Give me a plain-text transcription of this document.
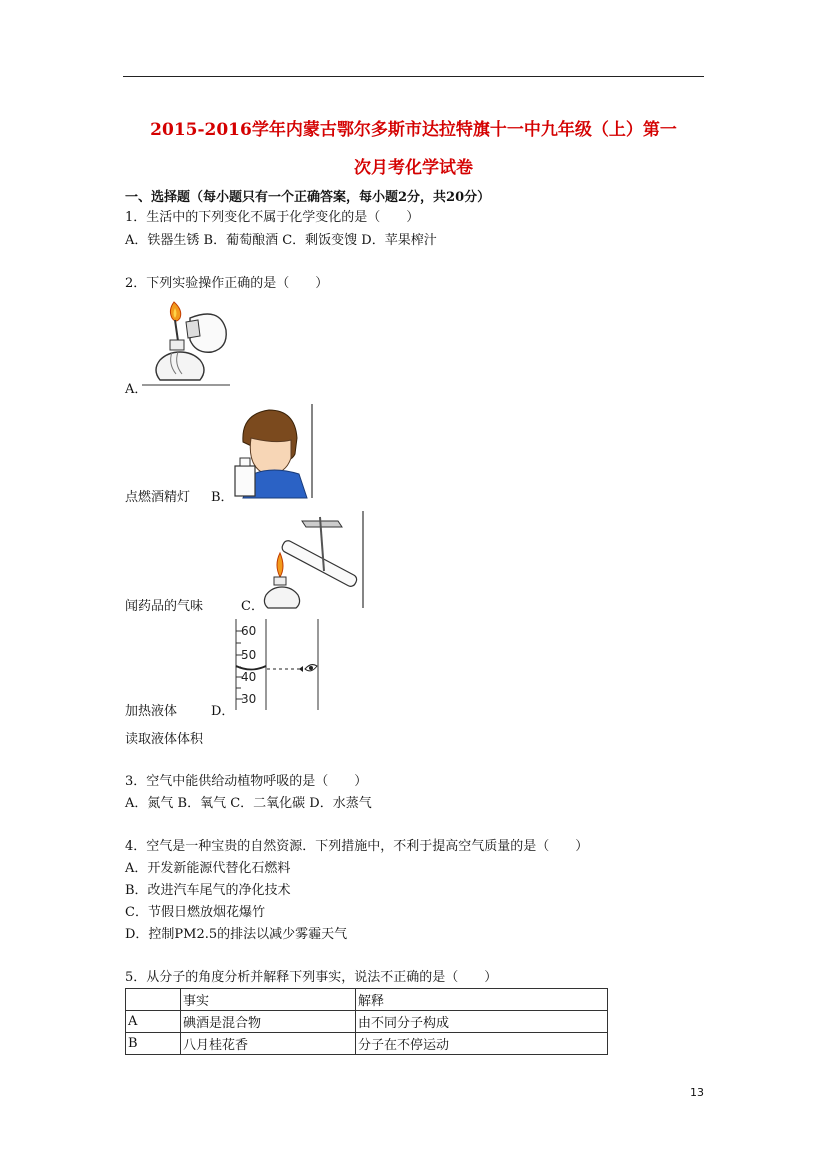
2015-2016学年内蒙古鄂尔多斯市达拉特旗十一中九年级（上）第一
次月考化学试卷
一、选择题（每小题只有一个正确答案，每小题2分，共20分）
1．生活中的下列变化不属于化学变化的是（　　）
A．铁器生锈 B．葡萄酿酒 C．剩饭变馊 D．苹果榨汁
2．下列实验操作正确的是（　　）
A．
点燃酒精灯 B．
闻药品的气味	C．
60
50
40
30
加热液体	D．
读取液体体积
3．空气中能供给动植物呼吸的是（　　）
A．氮气 B．氧气 C．二氧化碳 D．水蒸气
4．空气是一种宝贵的自然资源．下列措施中，不利于提高空气质量的是（　　）
A．开发新能源代替化石燃料
B．改进汽车尾气的净化技术
C．节假日燃放烟花爆竹
D．控制PM2.5的排法以减少雾霾天气
5．从分子的角度分析并解释下列事实，说法不正确的是（　　）
	事实	解释
A	碘酒是混合物	由不同分子构成
B	八月桂花香	分子在不停运动
13
